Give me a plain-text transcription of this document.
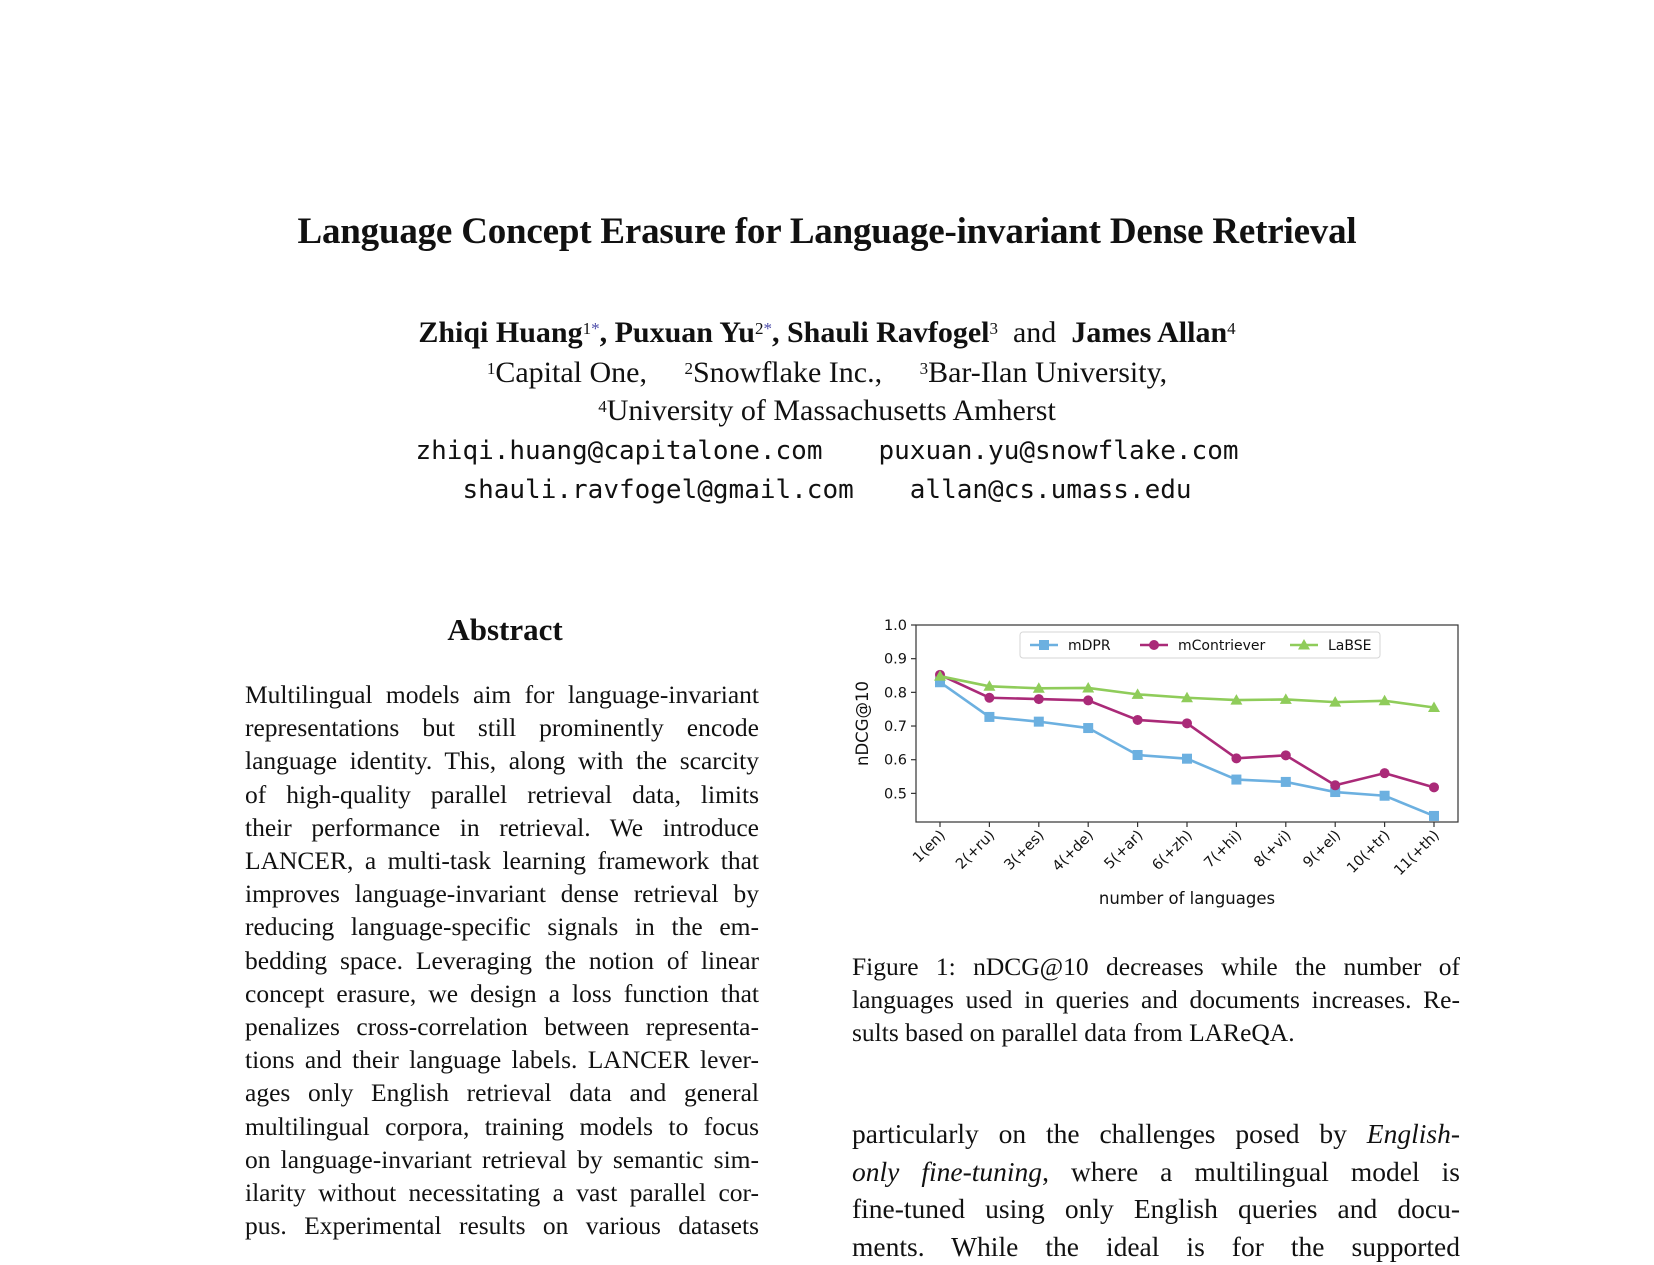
Language Concept Erasure for Language-invariant Dense Retrieval
Zhiqi Huang$^{1*}$, Puxuan $Yu^{2*}$, Shauli Ravfogel$^3$ and James Allan$^4$
$^1$Capital One, $^2$Snowflake Inc., $^3$Bar-Ilan University,
$^4$University of Massachusetts Amherst
zhiqi.huang@capitalone.com puxuan.yu@snowflake.com
shauli.ravfogel@gmail.com allan@cs.umass.edu
Abstract
Multilingual models aim for language-invariant
representations but still prominently encode
language identity. This, along with the scarcity
of high-quality parallel retrieval data, limits
their performance in retrieval. We introduce
LANCER, a multi-task learning framework that
improves language-invariant dense retrieval by
reducing language-specific signals in the em-
bedding space. Leveraging the notion of linear
concept erasure, we design a loss function that
penalizes cross-correlation between representa-
tions and their language labels. LANCER lever-
ages only English retrieval data and general
multilingual corpora, training models to focus
on language-invariant retrieval by semantic sim-
ilarity without necessitating a vast parallel cor-
pus. Experimental results on various datasets
0.5
0.6
0.7
0.8
0.9
1.0
1(en) 2(+ru) 3(+es) 4(+de) 5(+ar) 6(+zh) 7(+hi) 8(+vi) 9(+el) 10(+tr)
11(+th)
number of languages
nDCG@10
mDPR	mContriever	LaBSE
Figure 1: nDCG@10 decreases while the number of
languages used in queries and documents increases. Re-
sults based on parallel data from LAReQA.
particularly on the challenges posed by English-
only fine-tuning, where a multilingual model is
fine-tuned using only English queries and docu-
ments. While the ideal is for the supported
